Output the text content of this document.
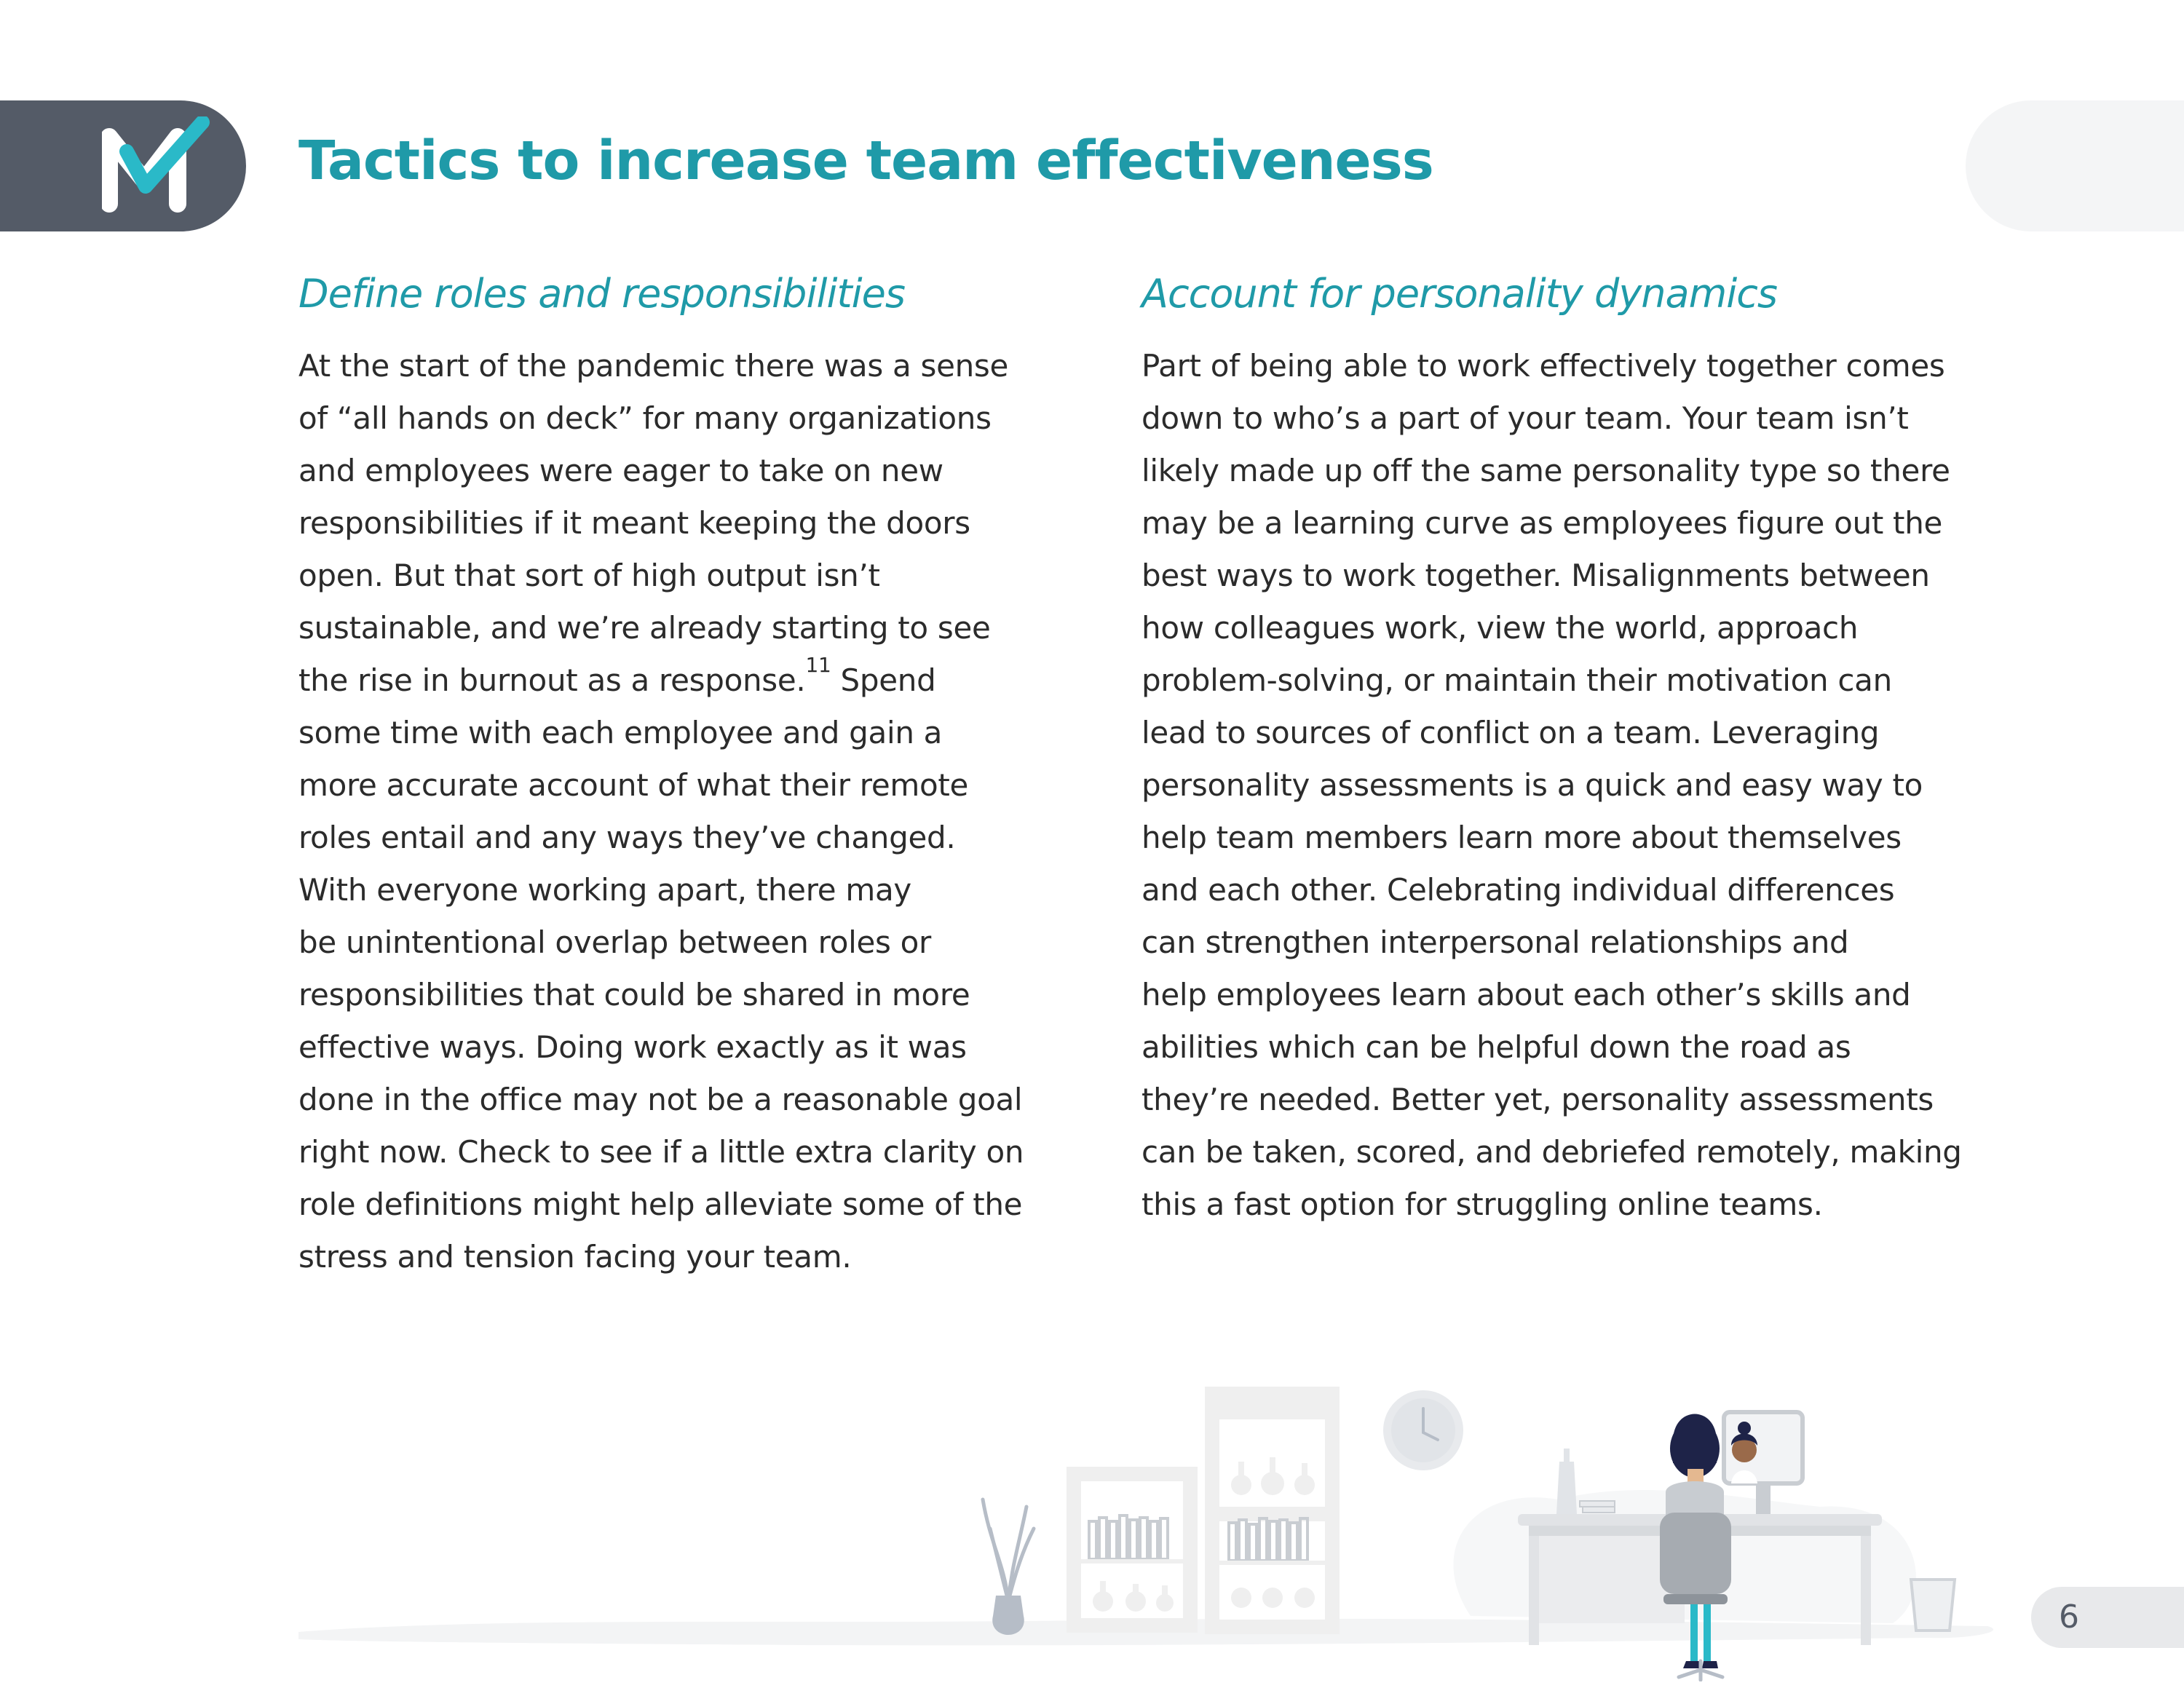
Tactics to increase team effectiveness
Define roles and responsibilities

At the start of the pandemic there was a sense
of “all hands on deck” for many organizations
and employees were eager to take on new
responsibilities if it meant keeping the doors
open. But that sort of high output isn’t
sustainable, and we’re already starting to see
the rise in burnout as a response.$^{11}$ Spend
some time with each employee and gain a
more accurate account of what their remote
roles entail and any ways they’ve changed.
With everyone working apart, there may
be unintentional overlap between roles or
responsibilities that could be shared in more
effective ways. Doing work exactly as it was
done in the office may not be a reasonable goal
right now. Check to see if a little extra clarity on
role definitions might help alleviate some of the
stress and tension facing your team.

Account for personality dynamics

Part of being able to work effectively together comes
down to who’s a part of your team. Your team isn’t
likely made up off the same personality type so there
may be a learning curve as employees figure out the
best ways to work together. Misalignments between
how colleagues work, view the world, approach
problem-solving, or maintain their motivation can
lead to sources of conflict on a team. Leveraging
personality assessments is a quick and easy way to
help team members learn more about themselves
and each other. Celebrating individual differences
can strengthen interpersonal relationships and
help employees learn about each other’s skills and
abilities which can be helpful down the road as
they’re needed. Better yet, personality assessments
can be taken, scored, and debriefed remotely, making
this a fast option for struggling online teams.

6
